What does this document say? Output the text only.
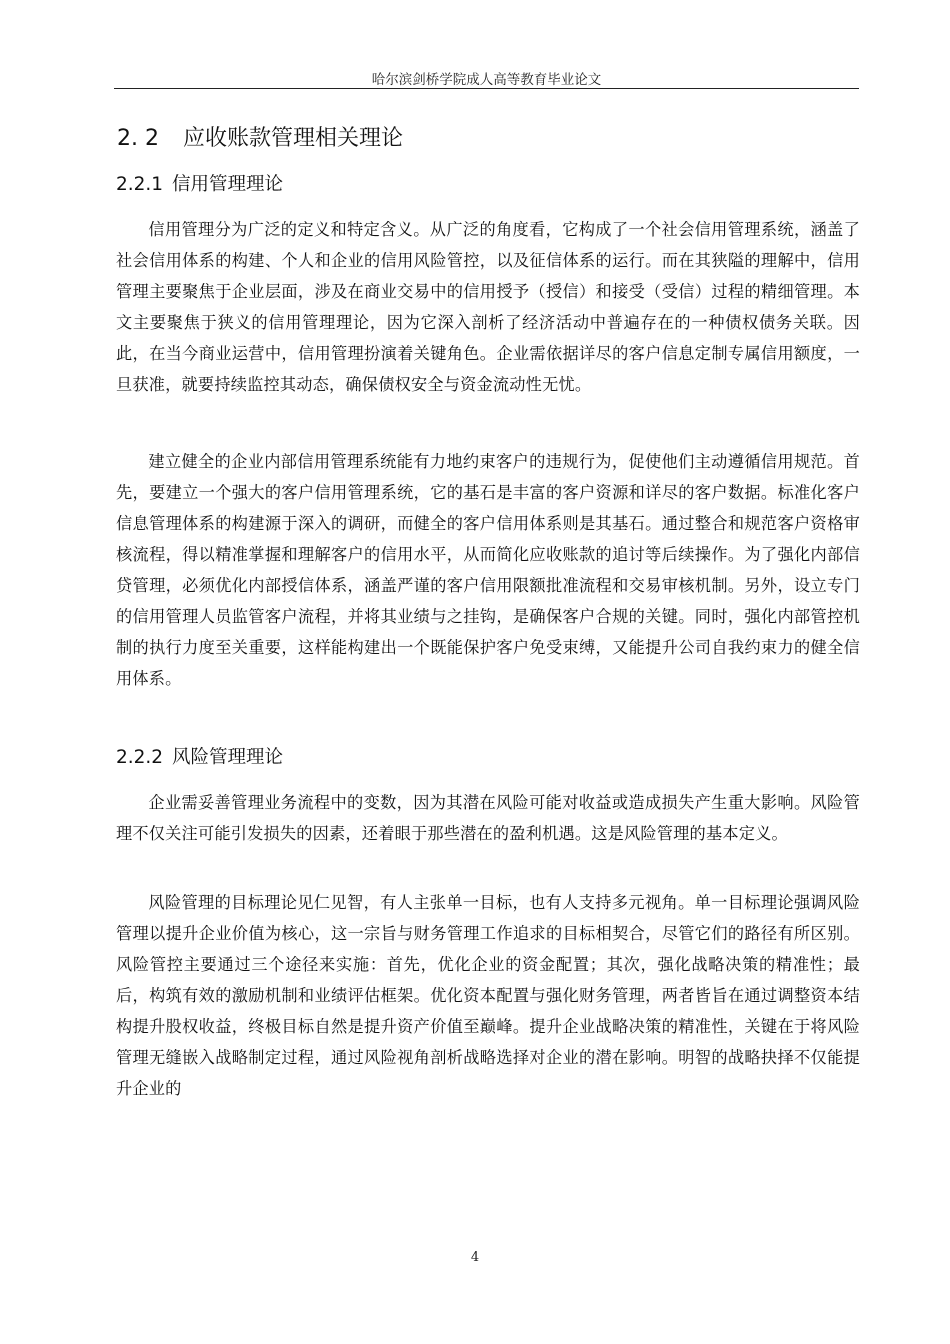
哈尔滨剑桥学院成人高等教育毕业论文
2. 2 应收账款管理相关理论
2.2.1 信用管理理论

信用管理分为广泛的定义和特定含义。从广泛的角度看，它构成了一个社会信用管理系统，涵盖了社会信用体系的构建、个人和企业的信用风险管控，以及征信体系的运行。而在其狭隘的理解中，信用管理主要聚焦于企业层面，涉及在商业交易中的信用授予（授信）和接受（受信）过程的精细管理。本文主要聚焦于狭义的信用管理理论，因为它深入剖析了经济活动中普遍存在的一种债权债务关联。因此，在当今商业运营中，信用管理扮演着关键角色。企业需依据详尽的客户信息定制专属信用额度，一旦获准，就要持续监控其动态，确保债权安全与资金流动性无忧。

建立健全的企业内部信用管理系统能有力地约束客户的违规行为，促使他们主动遵循信用规范。首先，要建立一个强大的客户信用管理系统，它的基石是丰富的客户资源和详尽的客户数据。标准化客户信息管理体系的构建源于深入的调研，而健全的客户信用体系则是其基石。通过整合和规范客户资格审核流程，得以精准掌握和理解客户的信用水平，从而简化应收账款的追讨等后续操作。为了强化内部信贷管理，必须优化内部授信体系，涵盖严谨的客户信用限额批准流程和交易审核机制。另外，设立专门的信用管理人员监管客户流程，并将其业绩与之挂钩，是确保客户合规的关键。同时，强化内部管控机制的执行力度至关重要，这样能构建出一个既能保护客户免受束缚，又能提升公司自我约束力的健全信用体系。

2.2.2 风险管理理论

企业需妥善管理业务流程中的变数，因为其潜在风险可能对收益或造成损失产生重大影响。风险管理不仅关注可能引发损失的因素，还着眼于那些潜在的盈利机遇。这是风险管理的基本定义。

风险管理的目标理论见仁见智，有人主张单一目标，也有人支持多元视角。单一目标理论强调风险管理以提升企业价值为核心，这一宗旨与财务管理工作追求的目标相契合，尽管它们的路径有所区别。风险管控主要通过三个途径来实施：首先，优化企业的资金配置；其次，强化战略决策的精准性；最后，构筑有效的激励机制和业绩评估框架。优化资本配置与强化财务管理，两者皆旨在通过调整资本结构提升股权收益，终极目标自然是提升资产价值至巅峰。提升企业战略决策的精准性，关键在于将风险管理无缝嵌入战略制定过程，通过风险视角剖析战略选择对企业的潜在影响。明智的战略抉择不仅能提升企业的

4
